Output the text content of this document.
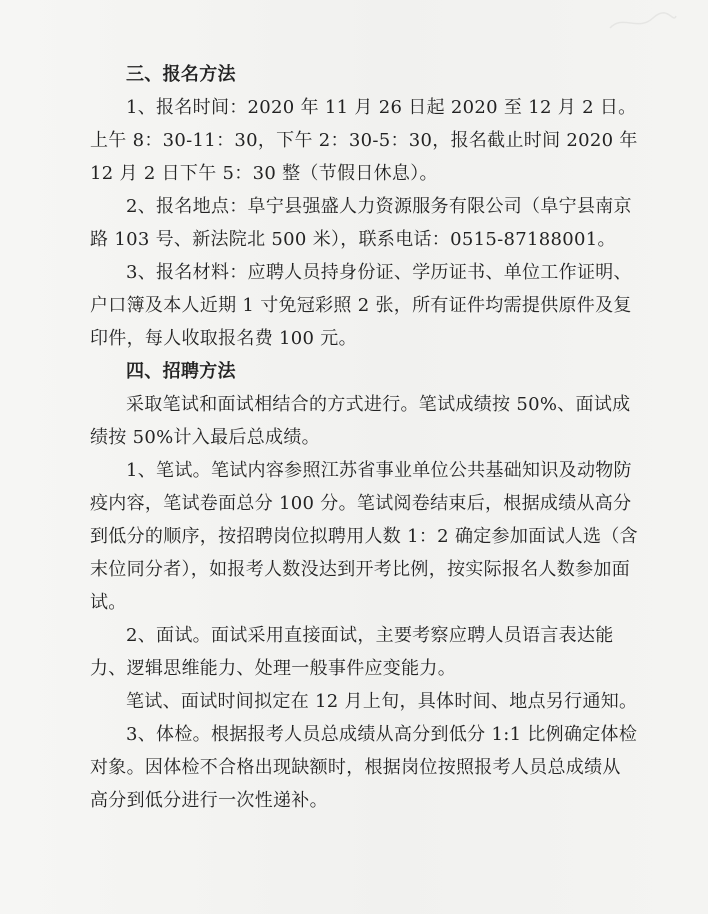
三、报名方法

1、报名时间：2020 年 11 月 26 日起 2020 至 12 月 2 日。上午 8：30-11：30，下午 2：30-5：30，报名截止时间 2020 年 12 月 2 日下午 5：30 整（节假日休息）。

2、报名地点：阜宁县强盛人力资源服务有限公司（阜宁县南京路 103 号、新法院北 500 米），联系电话：0515-87188001。

3、报名材料：应聘人员持身份证、学历证书、单位工作证明、户口簿及本人近期 1 寸免冠彩照 2 张，所有证件均需提供原件及复印件，每人收取报名费 100 元。

四、招聘方法

采取笔试和面试相结合的方式进行。笔试成绩按 50%、面试成绩按 50%计入最后总成绩。

1、笔试。笔试内容参照江苏省事业单位公共基础知识及动物防疫内容，笔试卷面总分 100 分。笔试阅卷结束后，根据成绩从高分到低分的顺序，按招聘岗位拟聘用人数 1：2 确定参加面试人选（含末位同分者），如报考人数没达到开考比例，按实际报名人数参加面试。

2、面试。面试采用直接面试，主要考察应聘人员语言表达能力、逻辑思维能力、处理一般事件应变能力。

笔试、面试时间拟定在 12 月上旬，具体时间、地点另行通知。

3、体检。根据报考人员总成绩从高分到低分 1:1 比例确定体检对象。因体检不合格出现缺额时，根据岗位按照报考人员总成绩从高分到低分进行一次性递补。
